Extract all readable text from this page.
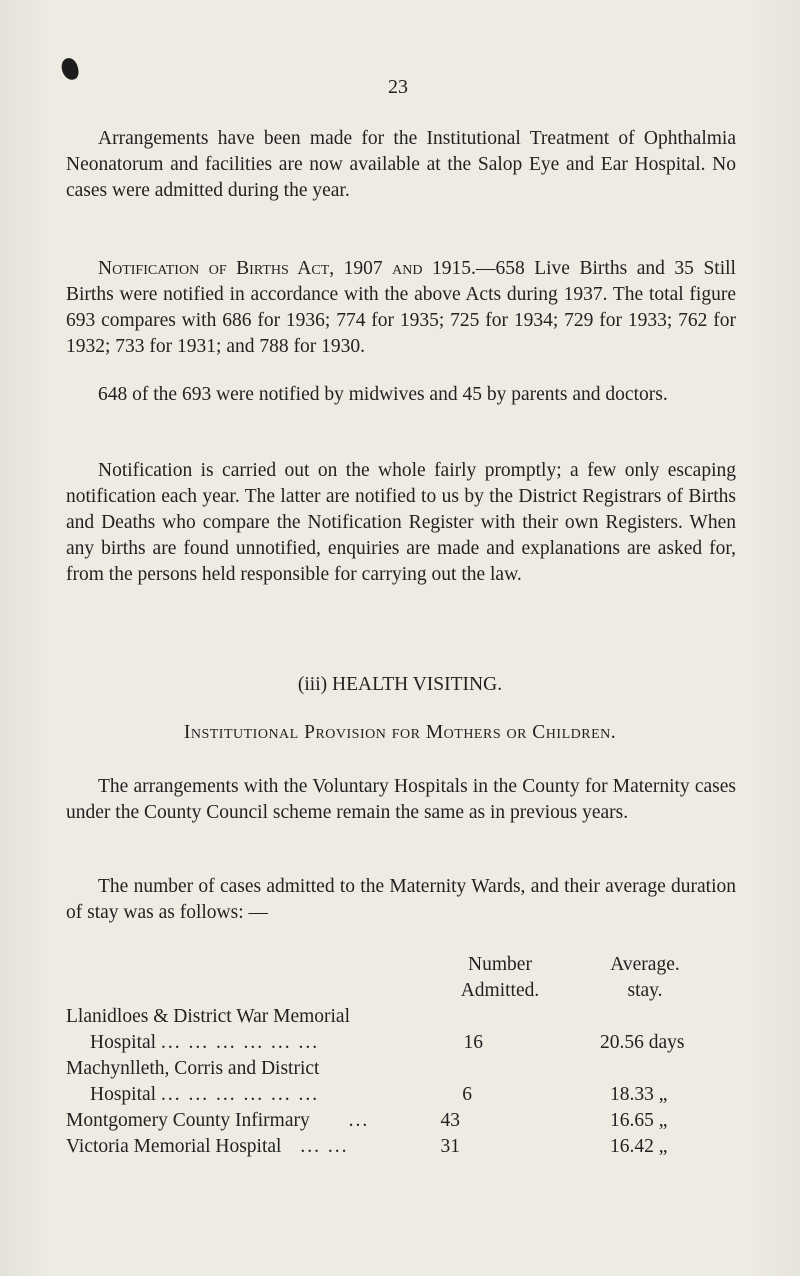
23

Arrangements have been made for the Institutional Treatment of Ophthalmia Neonatorum and facilities are now available at the Salop Eye and Ear Hospital. No cases were admitted during the year.

Notification of Births Act, 1907 and 1915.—658 Live Births and 35 Still Births were notified in accordance with the above Acts during 1937. The total figure 693 compares with 686 for 1936; 774 for 1935; 725 for 1934; 729 for 1933; 762 for 1932; 733 for 1931; and 788 for 1930.

648 of the 693 were notified by midwives and 45 by parents and doctors.

Notification is carried out on the whole fairly promptly; a few only escaping notification each year. The latter are notified to us by the District Registrars of Births and Deaths who compare the Notification Register with their own Registers. When any births are found unnotified, enquiries are made and explanations are asked for, from the persons held responsible for carrying out the law.

(iii) HEALTH VISITING.

Institutional Provision for Mothers or Children.

The arrangements with the Voluntary Hospitals in the County for Maternity cases under the County Council scheme remain the same as in previous years.

The number of cases admitted to the Maternity Wards, and their average duration of stay was as follows: —

Number
Admitted.
Average.
stay.
Llanidloes & District War Memorial
Hospital ... ... ... ... ... ...	16	20.56 days
Machynlleth, Corris and District
Hospital ... ... ... ... ... ...	6	18.33 „
Montgomery County Infirmary ...	43	16.65 „
Victoria Memorial Hospital ... ...	31	16.42 „
